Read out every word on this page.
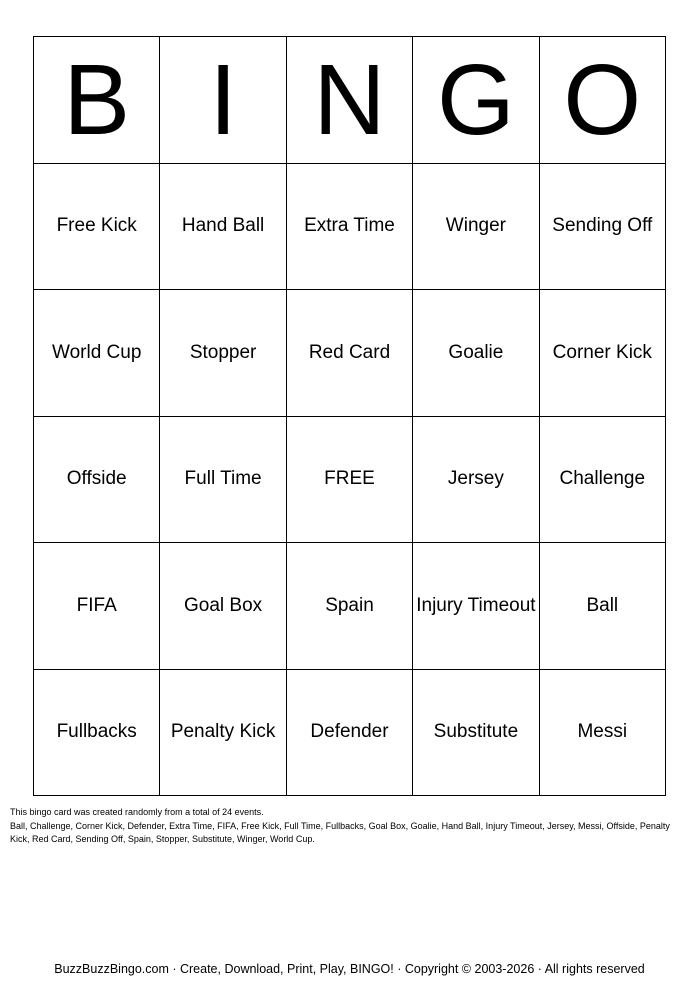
B I N G O
Free Kick	Hand Ball	Extra Time	Winger	Sending Off
World Cup	Stopper	Red Card	Goalie	Corner Kick
Offside	Full Time	FREE	Jersey	Challenge
FIFA	Goal Box	Spain	Injury Timeout	Ball
Fullbacks	Penalty Kick	Defender	Substitute	Messi
This bingo card was created randomly from a total of 24 events.
Ball, Challenge, Corner Kick, Defender, Extra Time, FIFA, Free Kick, Full Time, Fullbacks, Goal Box, Goalie, Hand Ball, Injury Timeout, Jersey, Messi, Offside, Penalty Kick, Red Card, Sending Off, Spain, Stopper, Substitute, Winger, World Cup.
BuzzBuzzBingo.com · Create, Download, Print, Play, BINGO! · Copyright © 2003-2026 · All rights reserved
